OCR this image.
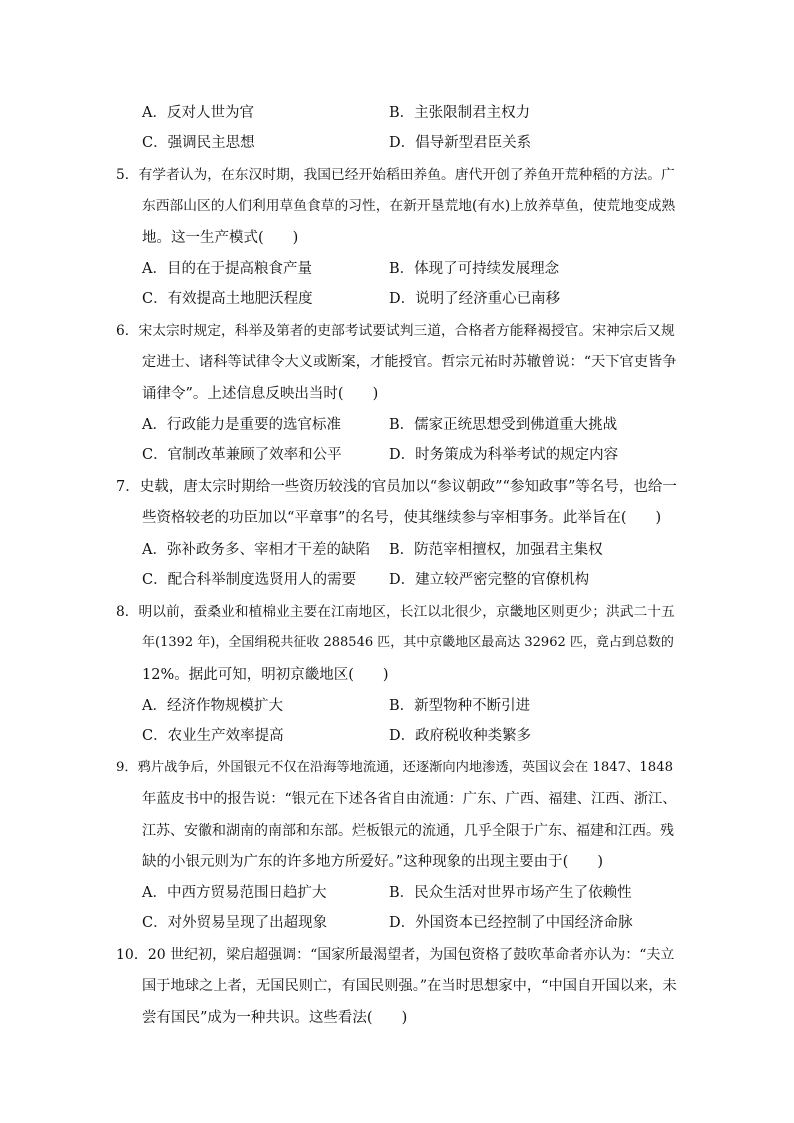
A．反对人世为官	B．主张限制君主权力
C．强调民主思想	D．倡导新型君臣关系
5．有学者认为，在东汉时期，我国已经开始稻田养鱼。唐代开创了养鱼开荒种稻的方法。广
东西部山区的人们利用草鱼食草的习性，在新开垦荒地(有水)上放养草鱼，使荒地变成熟
地。这一生产模式(　　)
A．目的在于提高粮食产量	B．体现了可持续发展理念
C．有效提高土地肥沃程度	D．说明了经济重心已南移
6．宋太宗时规定，科举及第者的吏部考试要试判三道，合格者方能释褐授官。宋神宗后又规
定进士、诸科等试律令大义或断案，才能授官。哲宗元祐时苏辙曾说：“天下官吏皆争
诵律令”。上述信息反映出当时(　　)
A．行政能力是重要的选官标准	B．儒家正统思想受到佛道重大挑战
C．官制改革兼顾了效率和公平	D．时务策成为科举考试的规定内容
7．史载，唐太宗时期给一些资历较浅的官员加以“参议朝政”“参知政事”等名号，也给一
些资格较老的功臣加以“平章事”的名号，使其继续参与宰相事务。此举旨在(　　)
A．弥补政务多、宰相才干差的缺陷 B．防范宰相擅权，加强君主集权
C．配合科举制度选贤用人的需要 D．建立较严密完整的官僚机构
8．明以前，蚕桑业和植棉业主要在江南地区，长江以北很少，京畿地区则更少；洪武二十五
年(1392 年)，全国绢税共征收 288546 匹，其中京畿地区最高达 32962 匹，竟占到总数的
12%。据此可知，明初京畿地区(　　)
A．经济作物规模扩大	B．新型物种不断引进
C．农业生产效率提高	D．政府税收种类繁多
9．鸦片战争后，外国银元不仅在沿海等地流通，还逐渐向内地渗透，英国议会在 1847、1848
年蓝皮书中的报告说：“银元在下述各省自由流通：广东、广西、福建、江西、浙江、
江苏、安徽和湖南的南部和东部。烂板银元的流通，几乎全限于广东、福建和江西。残
缺的小银元则为广东的许多地方所爱好。”这种现象的出现主要由于(　　)
A．中西方贸易范围日趋扩大	B．民众生活对世界市场产生了依赖性
C．对外贸易呈现了出超现象	D．外国资本已经控制了中国经济命脉
10．20 世纪初，梁启超强调：“国家所最渴望者，为国包资格了鼓吹革命者亦认为：“夫立
国于地球之上者，无国民则亡，有国民则强。”在当时思想家中，“中国自开国以来，未
尝有国民”成为一种共识。这些看法(　　)
